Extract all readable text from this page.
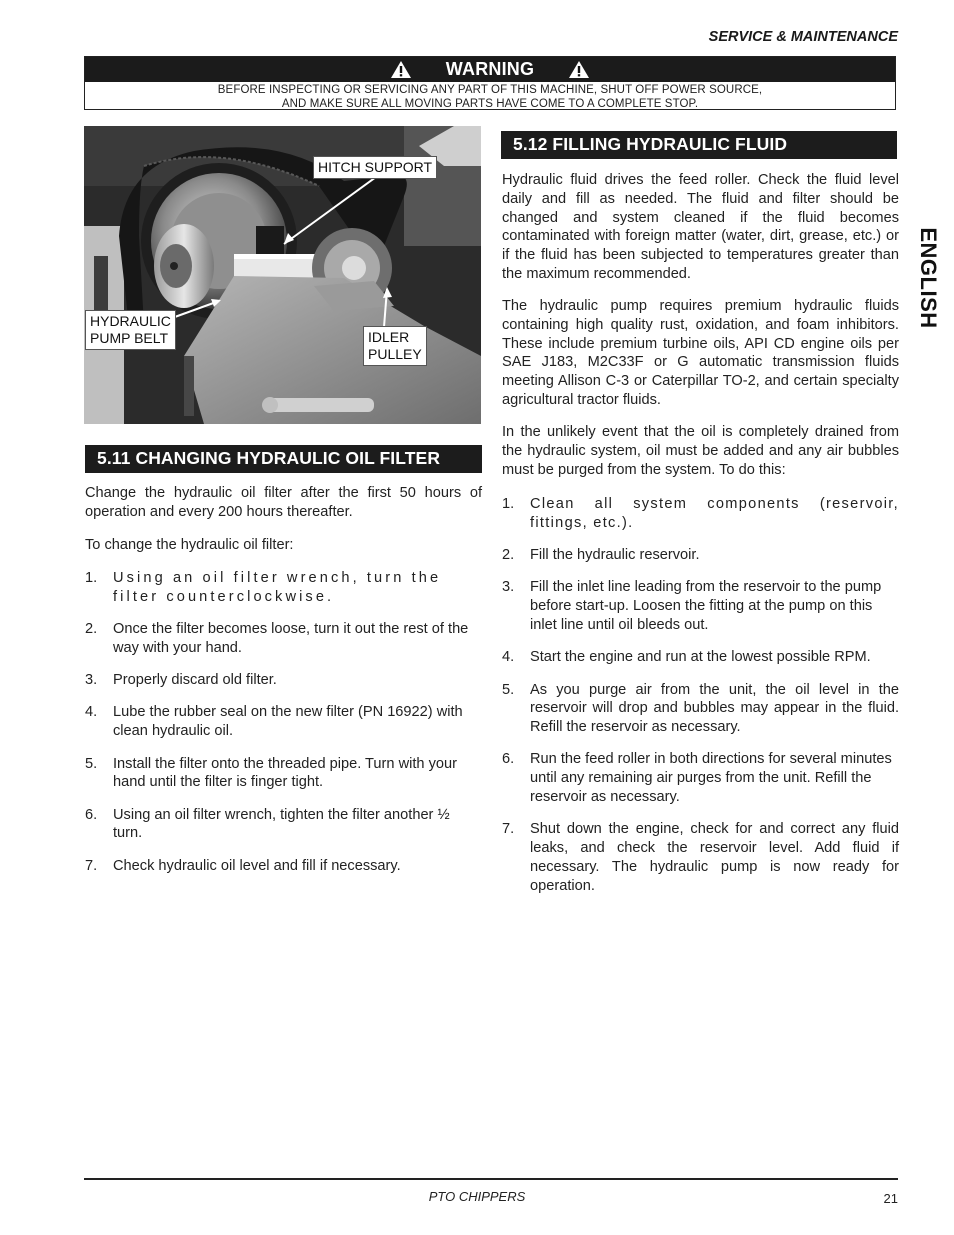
SERVICE & MAINTENANCE
WARNING
BEFORE INSPECTING OR SERVICING ANY PART OF THIS MACHINE, SHUT OFF POWER SOURCE,
AND MAKE SURE ALL MOVING PARTS HAVE COME TO A COMPLETE STOP.
HITCH SUPPORT
HYDRAULIC
PUMP BELT	IDLER
PULLEY
5.11 CHANGING HYDRAULIC OIL FILTER
Change the hydraulic oil filter after the first 50 hours of operation and every 200 hours thereafter.
To change the hydraulic oil filter:
1. Using an oil filter wrench, turn the filter counterclockwise.
2. Once the filter becomes loose, turn it out the rest of the way with your hand.
3. Properly discard old filter.
4. Lube the rubber seal on the new filter (PN 16922) with clean hydraulic oil.
5. Install the filter onto the threaded pipe. Turn with your hand until the filter is finger tight.
6. Using an oil filter wrench, tighten the filter another ½ turn.
7. Check hydraulic oil level and fill if necessary.
5.12 FILLING HYDRAULIC FLUID
Hydraulic fluid drives the feed roller. Check the fluid level daily and fill as needed. The fluid and filter should be changed and system cleaned if the fluid becomes contaminated with foreign matter (water, dirt, grease, etc.) or if the fluid has been subjected to temperatures greater than the maximum recommended.
The hydraulic pump requires premium hydraulic fluids containing high quality rust, oxidation, and foam inhibitors. These include premium turbine oils, API CD engine oils per SAE J183, M2C33F or G automatic transmission fluids meeting Allison C-3 or Caterpillar TO-2, and certain specialty agricultural tractor fluids.
In the unlikely event that the oil is completely drained from the hydraulic system, oil must be added and any air bubbles must be purged from the system. To do this:
1. Clean all system components (reservoir, fittings, etc.).
2. Fill the hydraulic reservoir.
3. Fill the inlet line leading from the reservoir to the pump before start-up. Loosen the fitting at the pump on this inlet line until oil bleeds out.
4. Start the engine and run at the lowest possible RPM.
5. As you purge air from the unit, the oil level in the reservoir will drop and bubbles may appear in the fluid. Refill the reservoir as necessary.
6. Run the feed roller in both directions for several minutes until any remaining air purges from the unit. Refill the reservoir as necessary.
7. Shut down the engine, check for and correct any fluid leaks, and check the reservoir level. Add fluid if necessary. The hydraulic pump is now ready for operation.
ENGLISH
PTO CHIPPERS	21
